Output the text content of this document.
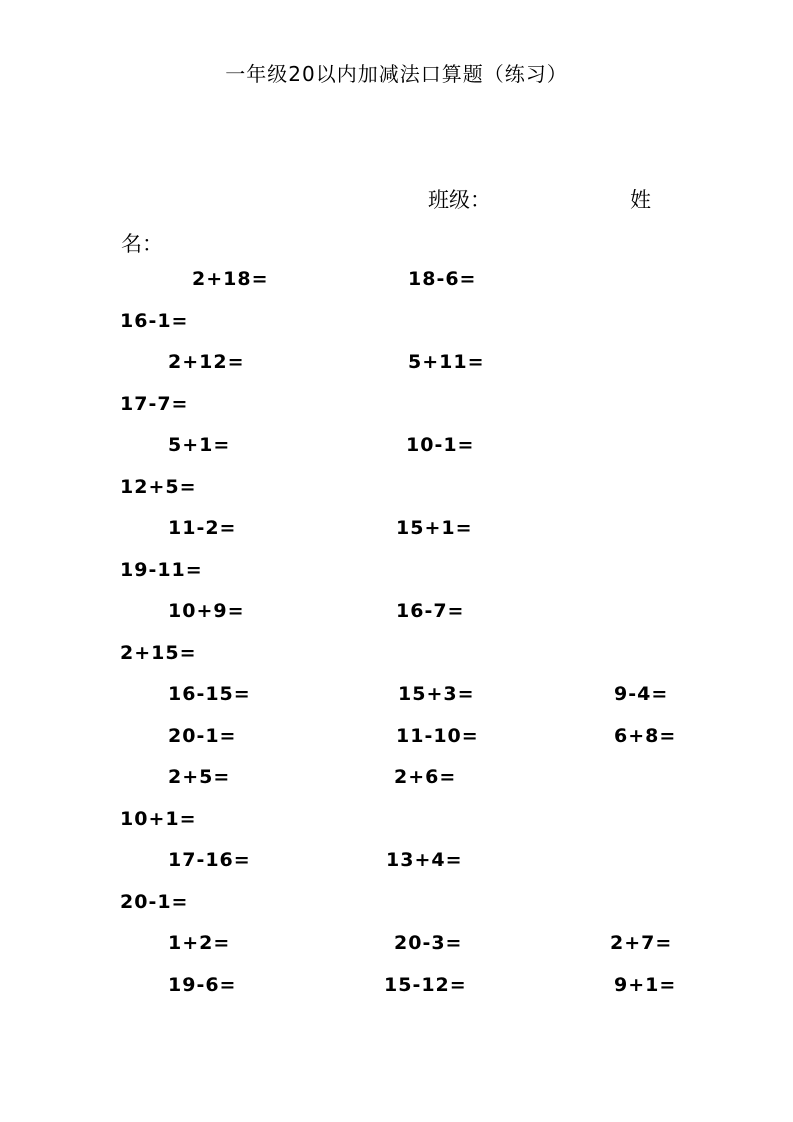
一年级20以内加减法口算题（练习）
班级：	姓
名：
2+18=	18-6=
16-1=
2+12=	5+11=
17-7=
5+1=	10-1=
12+5=
11-2=	15+1=
19-11=
10+9=	16-7=
2+15=
16-15=	15+3=	9-4=
20-1=	11-10=	6+8=
2+5=	2+6=
10+1=
17-16=	13+4=
20-1=
1+2=	20-3=	2+7=
19-6=	15-12=	9+1=
